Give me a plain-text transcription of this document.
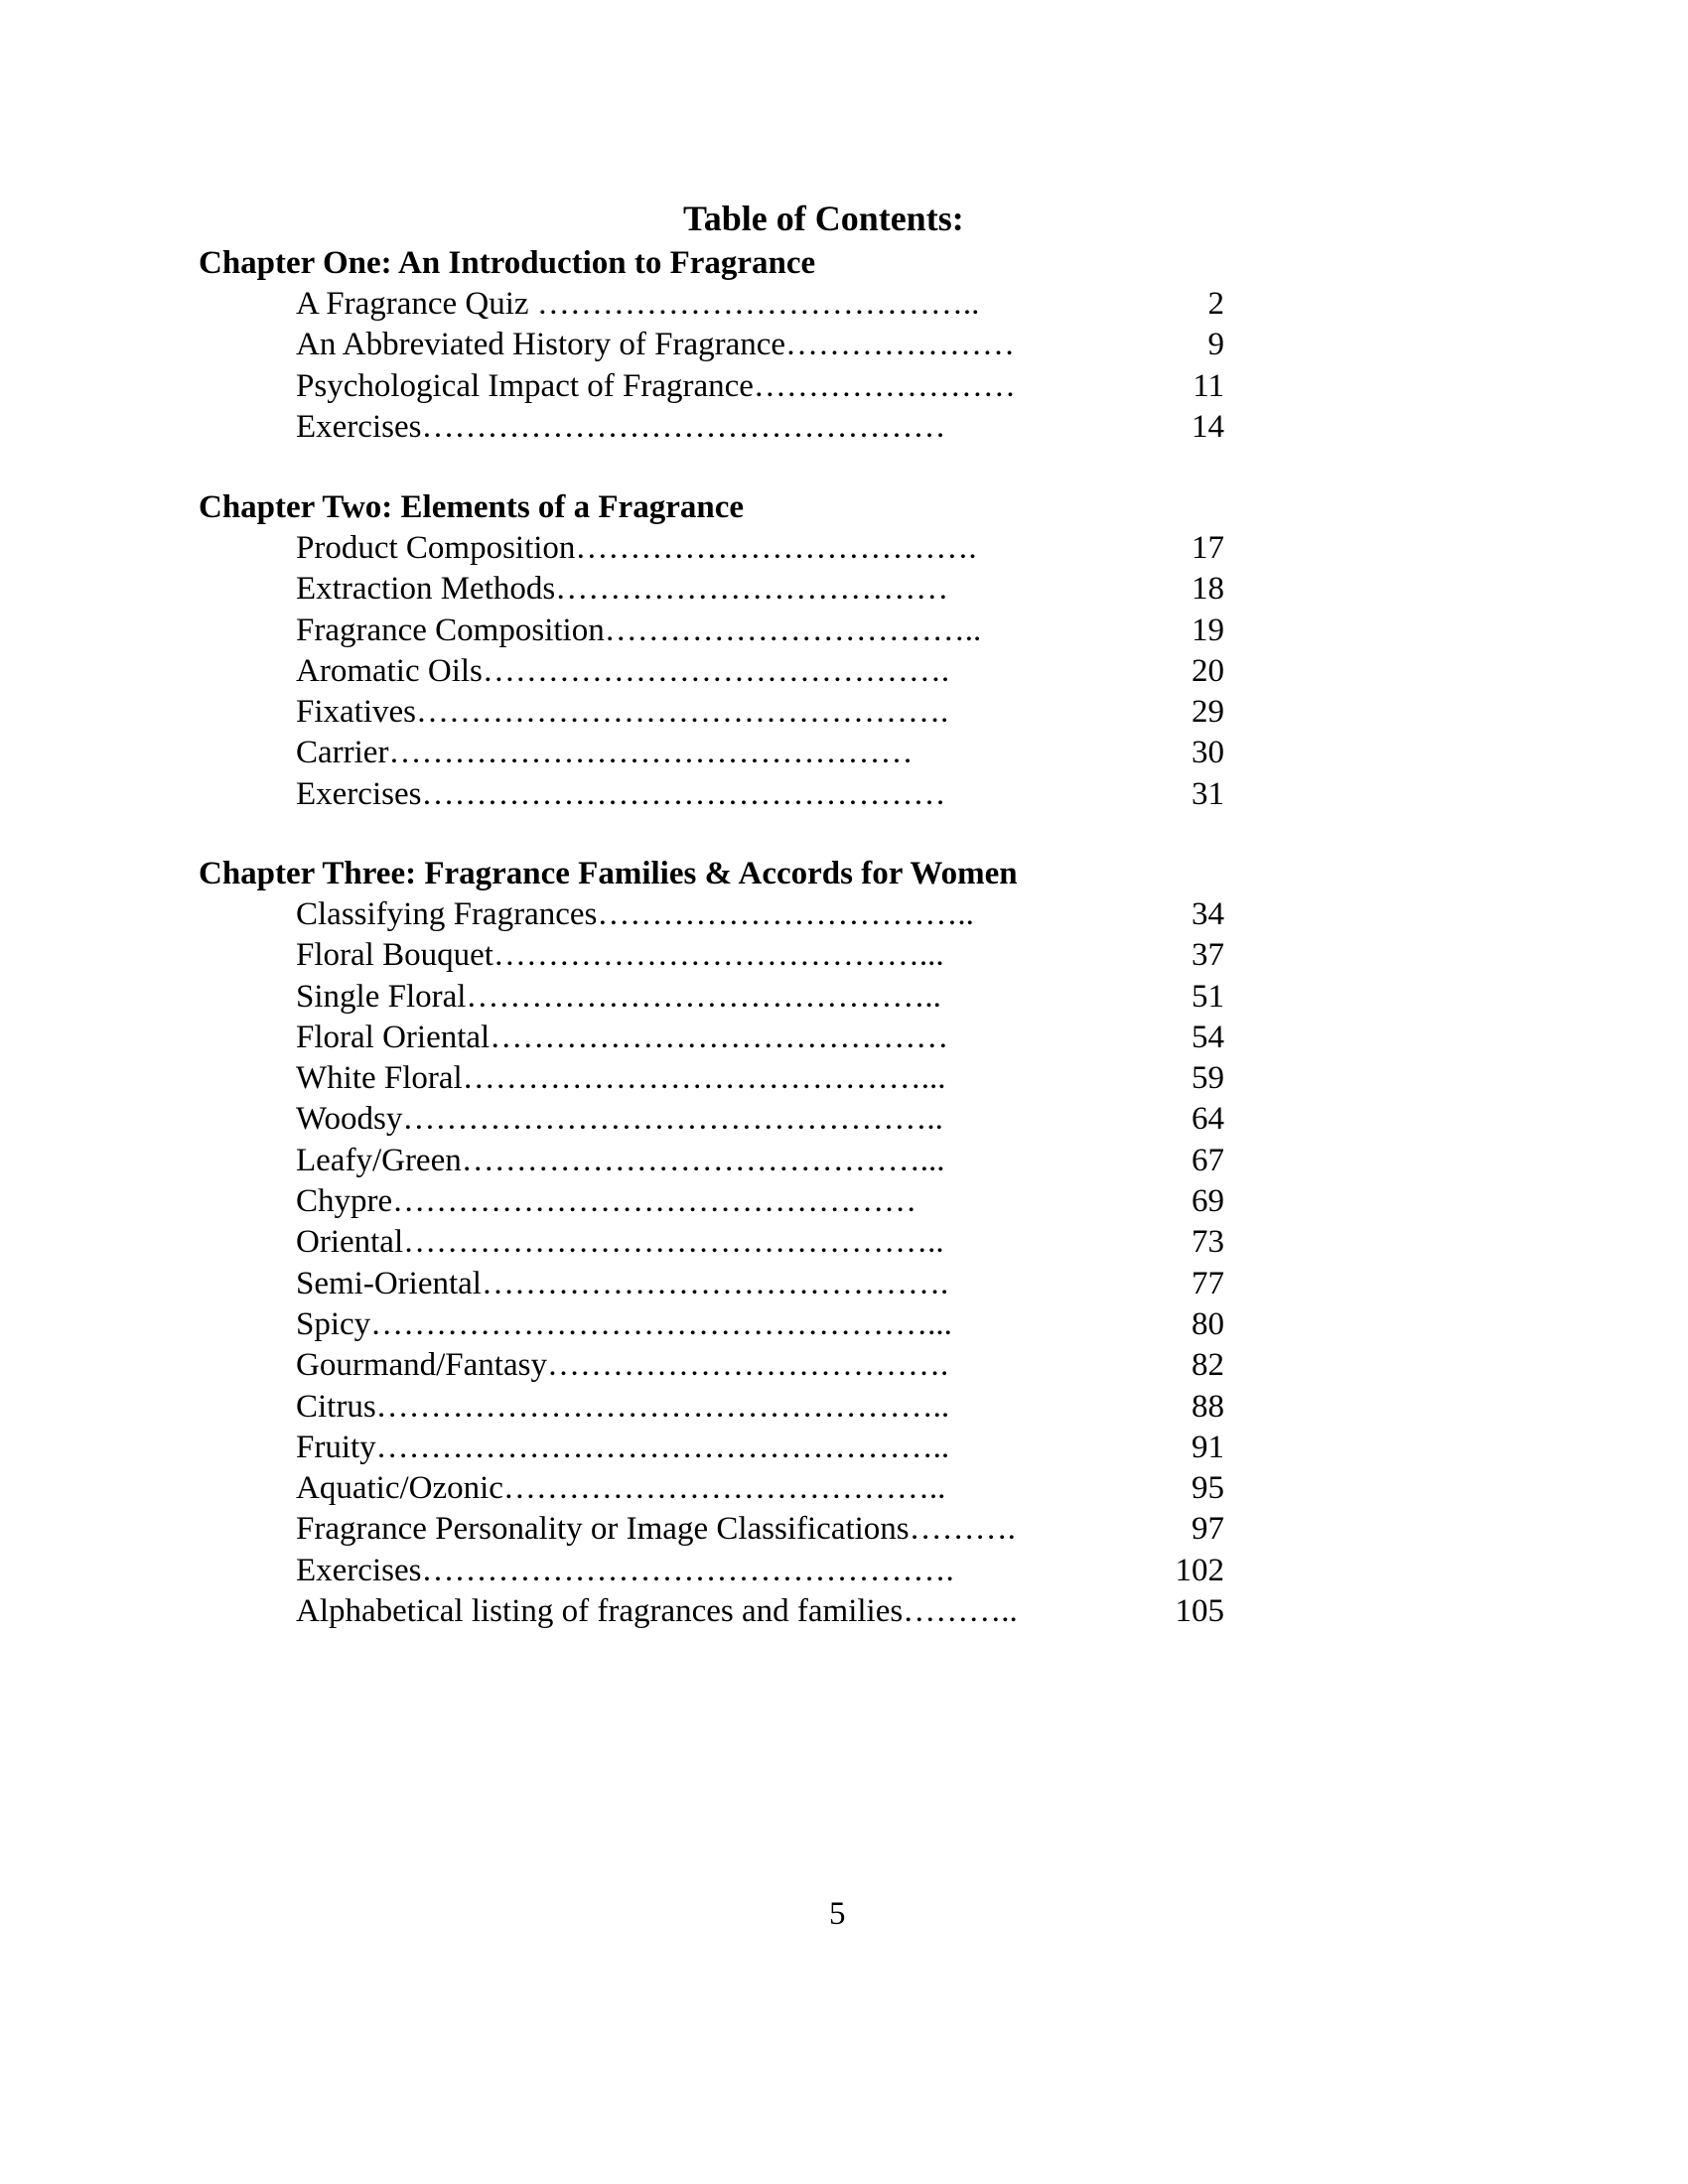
Table of Contents:
Chapter One: An Introduction to Fragrance
A Fragrance Quiz …………………………………..	2
An Abbreviated History of Fragrance…………………	9
Psychological Impact of Fragrance……………………	11
Exercises…………………………………………	14
Chapter Two: Elements of a Fragrance
Product Composition……………………………….	17
Extraction Methods………………………………	18
Fragrance Composition……………………………..	19
Aromatic Oils…………………………………….	20
Fixatives………………………………………….	29
Carrier…………………………………………	30
Exercises…………………………………………	31
Chapter Three: Fragrance Families & Accords for Women
Classifying Fragrances……………………………..	34
Floral Bouquet…………………………………...	37
Single Floral……………………………………..	51
Floral Oriental……………………………………	54
White Floral……………………………………...	59
Woodsy…………………………………………..	64
Leafy/Green……………………………………...	67
Chypre…………………………………………	69
Oriental…………………………………………..	73
Semi-Oriental…………………………………….	77
Spicy……………………………………………...	80
Gourmand/Fantasy……………………………….	82
Citrus……………………………………………..	88
Fruity……………………………………………..	91
Aquatic/Ozonic…………………………………..	95
Fragrance Personality or Image Classifications……….	97
Exercises………………………………………….	102
Alphabetical listing of fragrances and families………..	105
5
